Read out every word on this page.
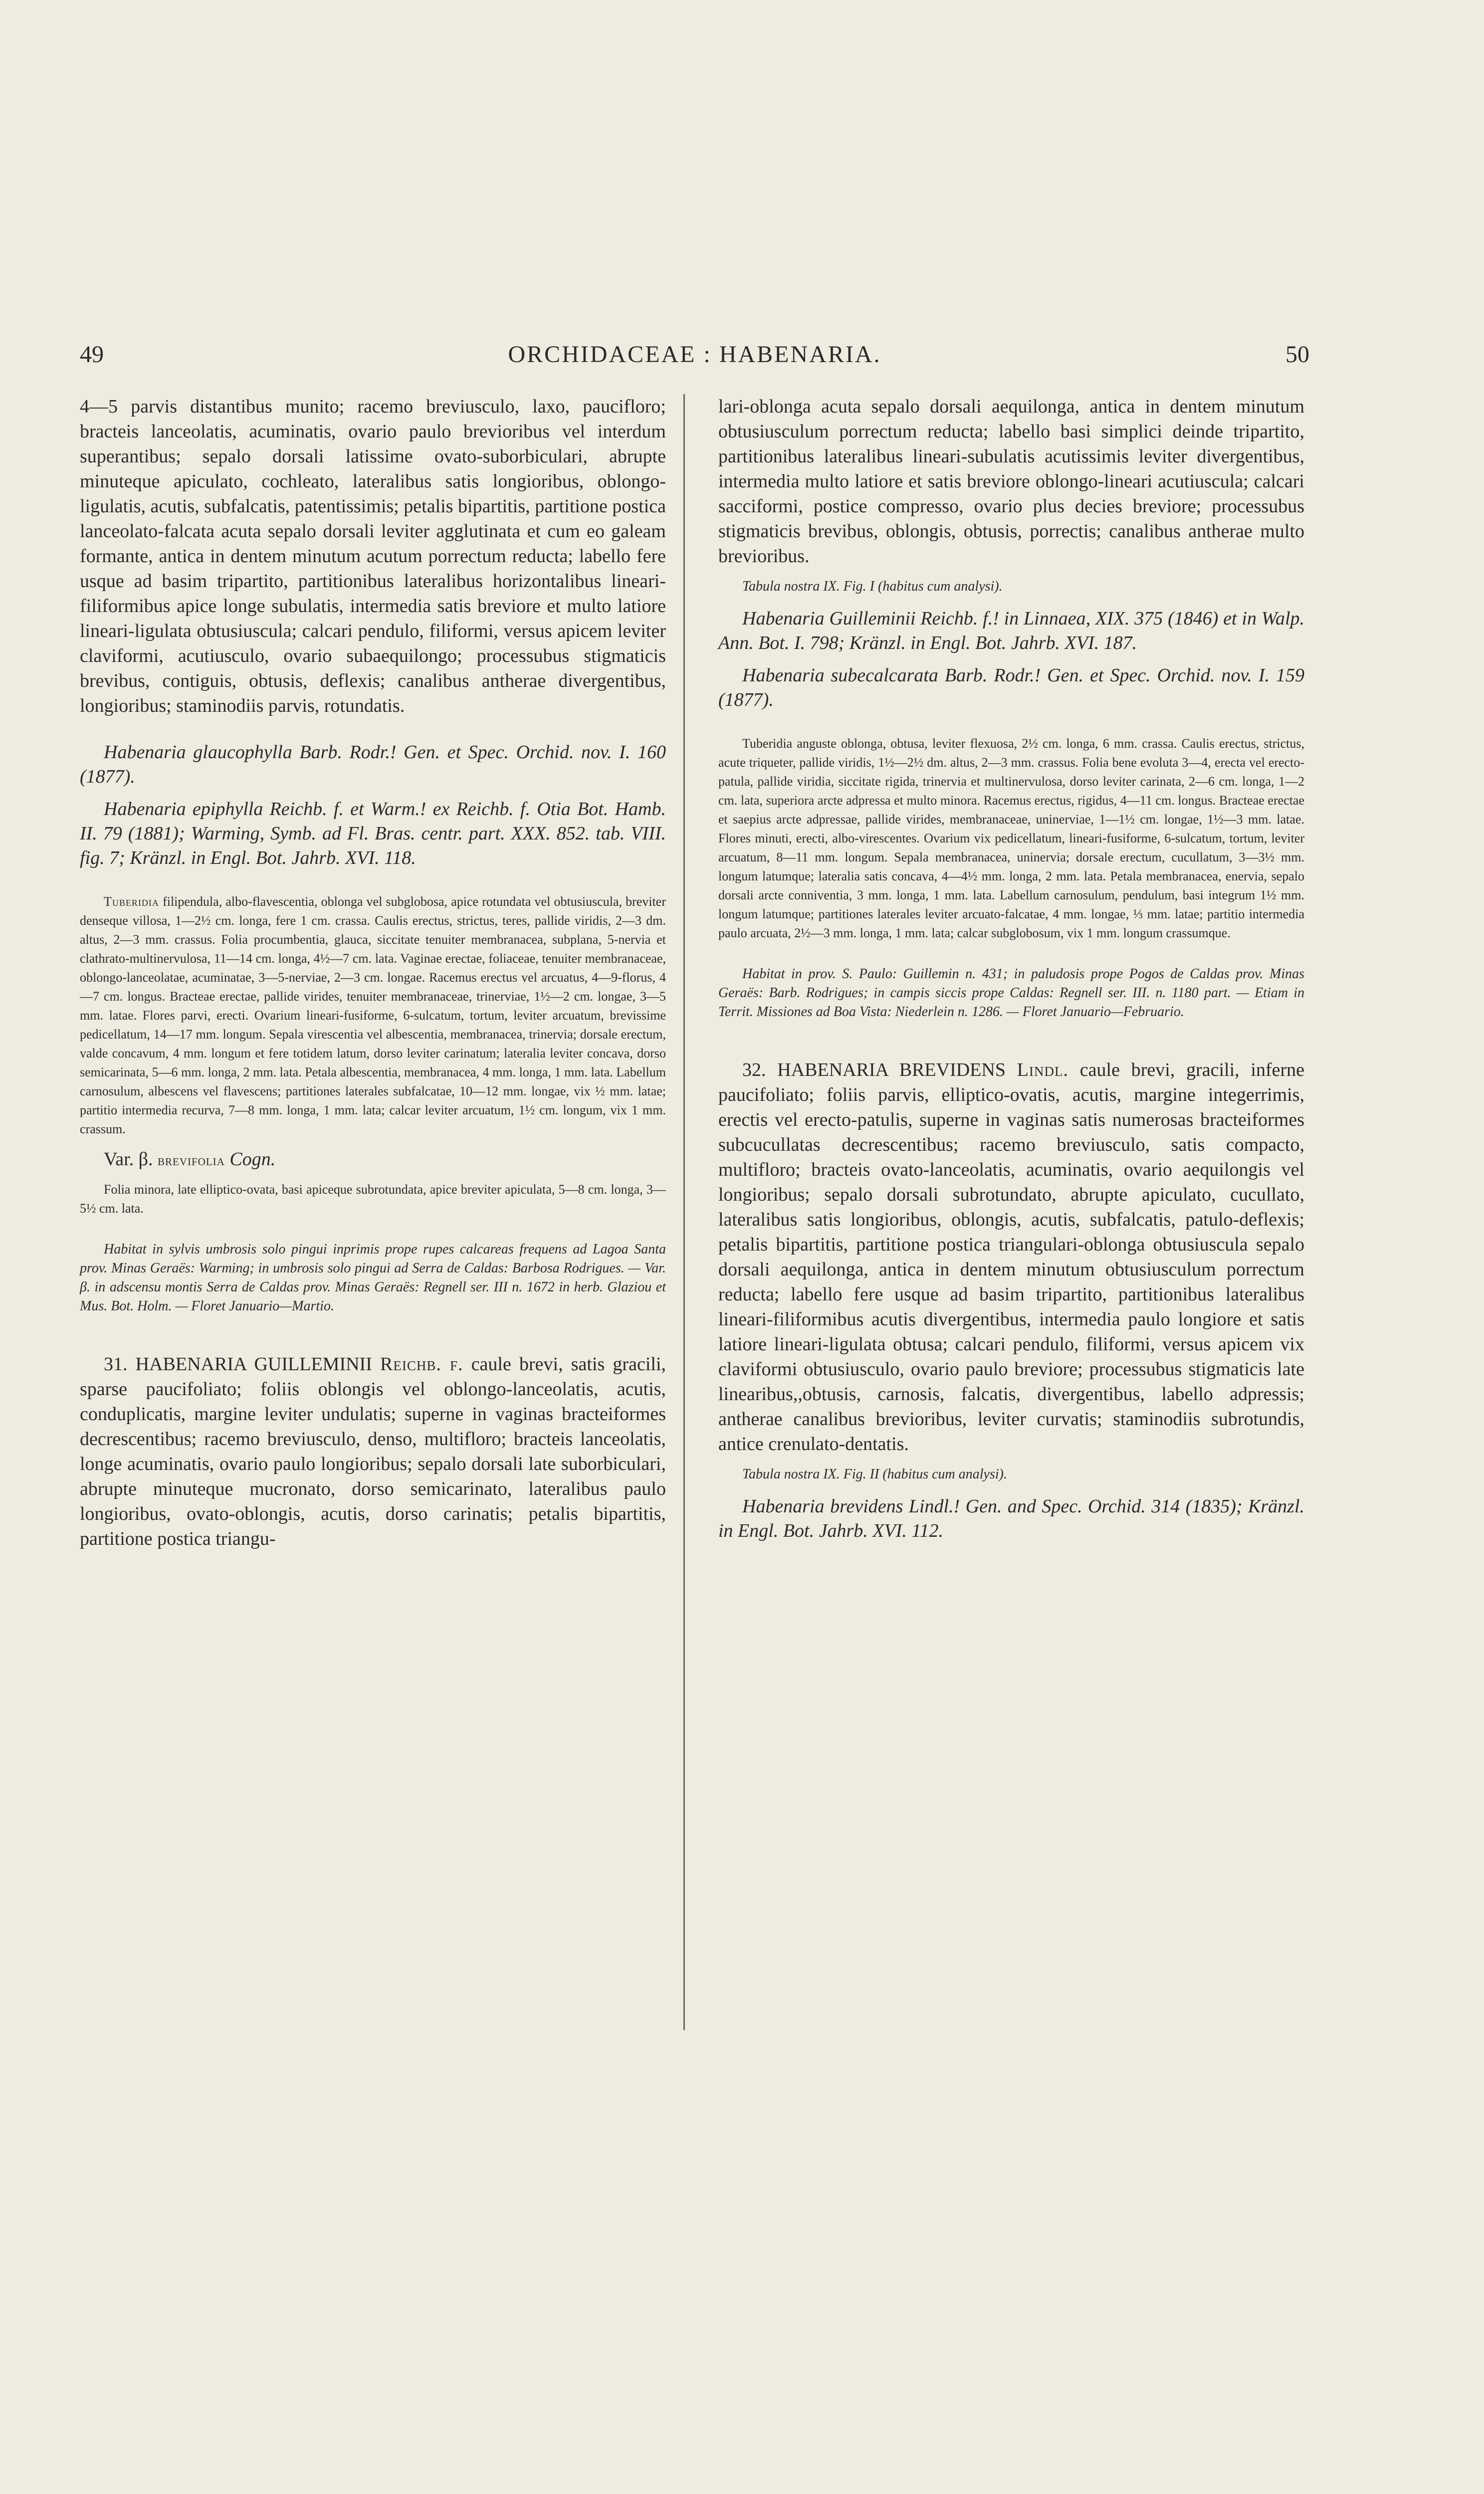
49	ORCHIDACEAE : HABENARIA.	50

4—5 parvis distantibus munito; racemo breviusculo, laxo, paucifloro; bracteis lanceolatis, acuminatis, ovario paulo brevioribus vel interdum superantibus; sepalo dorsali latissime ovato-suborbiculari, abrupte minuteque apiculato, cochleato, lateralibus satis longioribus, oblongo-ligulatis, acutis, subfalcatis, patentissimis; petalis bipartitis, partitione postica lanceolato-falcata acuta sepalo dorsali leviter agglutinata et cum eo galeam formante, antica in dentem minutum acutum porrectum reducta; labello fere usque ad basim tripartito, partitionibus lateralibus horizontalibus lineari-filiformibus apice longe subulatis, intermedia satis breviore et multo latiore lineari-ligulata obtusiuscula; calcari pendulo, filiformi, versus apicem leviter claviformi, acutiusculo, ovario subaequilongo; processubus stigmaticis brevibus, contiguis, obtusis, deflexis; canalibus antherae divergentibus, longioribus; staminodiis parvis, rotundatis.

Habenaria glaucophylla Barb. Rodr.! Gen. et Spec. Orchid. nov. I. 160 (1877).

Habenaria epiphylla Reichb. f. et Warm.! ex Reichb. f. Otia Bot. Hamb. II. 79 (1881); Warming, Symb. ad Fl. Bras. centr. part. XXX. 852. tab. VIII. fig. 7; Kränzl. in Engl. Bot. Jahrb. XVI. 118.

Tuberidia filipendula, albo-flavescentia, oblonga vel subglobosa, apice rotundata vel obtusiuscula, breviter denseque villosa, 1—2½ cm. longa, fere 1 cm. crassa. Caulis erectus, strictus, teres, pallide viridis, 2—3 dm. altus, 2—3 mm. crassus. Folia procumbentia, glauca, siccitate tenuiter membranacea, subplana, 5-nervia et clathrato-multinervulosa, 11—14 cm. longa, 4½—7 cm. lata. Vaginae erectae, foliaceae, tenuiter membranaceae, oblongo-lanceolatae, acuminatae, 3—5-nerviae, 2—3 cm. longae. Racemus erectus vel arcuatus, 4—9-florus, 4—7 cm. longus. Bracteae erectae, pallide virides, tenuiter membranaceae, trinerviae, 1½—2 cm. longae, 3—5 mm. latae. Flores parvi, erecti. Ovarium lineari-fusiforme, 6-sulcatum, tortum, leviter arcuatum, brevissime pedicellatum, 14—17 mm. longum. Sepala virescentia vel albescentia, membranacea, trinervia; dorsale erectum, valde concavum, 4 mm. longum et fere totidem latum, dorso leviter carinatum; lateralia leviter concava, dorso semicarinata, 5—6 mm. longa, 2 mm. lata. Petala albescentia, membranacea, 4 mm. longa, 1 mm. lata. Labellum carnosulum, albescens vel flavescens; partitiones laterales subfalcatae, 10—12 mm. longae, vix ½ mm. latae; partitio intermedia recurva, 7—8 mm. longa, 1 mm. lata; calcar leviter arcuatum, 1½ cm. longum, vix 1 mm. crassum.

Var. β. brevifolia Cogn.

Folia minora, late elliptico-ovata, basi apiceque subrotundata, apice breviter apiculata, 5—8 cm. longa, 3—5½ cm. lata.

Habitat in sylvis umbrosis solo pingui inprimis prope rupes calcareas frequens ad Lagoa Santa prov. Minas Geraës: Warming; in umbrosis solo pingui ad Serra de Caldas: Barbosa Rodrigues. — Var. β. in adscensu montis Serra de Caldas prov. Minas Geraës: Regnell ser. III n. 1672 in herb. Glaziou et Mus. Bot. Holm. — Floret Januario—Martio.

31. HABENARIA GUILLEMINII Reichb. f. caule brevi, satis gracili, sparse paucifoliato; foliis oblongis vel oblongo-lanceolatis, acutis, conduplicatis, margine leviter undulatis; superne in vaginas bracteiformes decrescentibus; racemo breviusculo, denso, multifloro; bracteis lanceolatis, longe acuminatis, ovario paulo longioribus; sepalo dorsali late suborbiculari, abrupte minuteque mucronato, dorso semicarinato, lateralibus paulo longioribus, ovato-oblongis, acutis, dorso carinatis; petalis bipartitis, partitione postica triangu-

lari-oblonga acuta sepalo dorsali aequilonga, antica in dentem minutum obtusiusculum porrectum reducta; labello basi simplici deinde tripartito, partitionibus lateralibus lineari-subulatis acutissimis leviter divergentibus, intermedia multo latiore et satis breviore oblongo-lineari acutiuscula; calcari sacciformi, postice compresso, ovario plus decies breviore; processubus stigmaticis brevibus, oblongis, obtusis, porrectis; canalibus antherae multo brevioribus.

Tabula nostra IX. Fig. I (habitus cum analysi).

Habenaria Guilleminii Reichb. f.! in Linnaea, XIX. 375 (1846) et in Walp. Ann. Bot. I. 798; Kränzl. in Engl. Bot. Jahrb. XVI. 187.

Habenaria subecalcarata Barb. Rodr.! Gen. et Spec. Orchid. nov. I. 159 (1877).

Tuberidia anguste oblonga, obtusa, leviter flexuosa, 2½ cm. longa, 6 mm. crassa. Caulis erectus, strictus, acute triqueter, pallide viridis, 1½—2½ dm. altus, 2—3 mm. crassus. Folia bene evoluta 3—4, erecta vel erecto-patula, pallide viridia, siccitate rigida, trinervia et multinervulosa, dorso leviter carinata, 2—6 cm. longa, 1—2 cm. lata, superiora arcte adpressa et multo minora. Racemus erectus, rigidus, 4—11 cm. longus. Bracteae erectae et saepius arcte adpressae, pallide virides, membranaceae, uninerviae, 1—1½ cm. longae, 1½—3 mm. latae. Flores minuti, erecti, albo-virescentes. Ovarium vix pedicellatum, lineari-fusiforme, 6-sulcatum, tortum, leviter arcuatum, 8—11 mm. longum. Sepala membranacea, uninervia; dorsale erectum, cucullatum, 3—3½ mm. longum latumque; lateralia satis concava, 4—4½ mm. longa, 2 mm. lata. Petala membranacea, enervia, sepalo dorsali arcte conniventia, 3 mm. longa, 1 mm. lata. Labellum carnosulum, pendulum, basi integrum 1½ mm. longum latumque; partitiones laterales leviter arcuato-falcatae, 4 mm. longae, ⅓ mm. latae; partitio intermedia paulo arcuata, 2½—3 mm. longa, 1 mm. lata; calcar subglobosum, vix 1 mm. longum crassumque.

Habitat in prov. S. Paulo: Guillemin n. 431; in paludosis prope Pogos de Caldas prov. Minas Geraës: Barb. Rodrigues; in campis siccis prope Caldas: Regnell ser. III. n. 1180 part. — Etiam in Territ. Missiones ad Boa Vista: Niederlein n. 1286. — Floret Januario—Februario.

32. HABENARIA BREVIDENS Lindl. caule brevi, gracili, inferne paucifoliato; foliis parvis, elliptico-ovatis, acutis, margine integerrimis, erectis vel erecto-patulis, superne in vaginas satis numerosas bracteiformes subcucullatas decrescentibus; racemo breviusculo, satis compacto, multifloro; bracteis ovato-lanceolatis, acuminatis, ovario aequilongis vel longioribus; sepalo dorsali subrotundato, abrupte apiculato, cucullato, lateralibus satis longioribus, oblongis, acutis, subfalcatis, patulo-deflexis; petalis bipartitis, partitione postica triangulari-oblonga obtusiuscula sepalo dorsali aequilonga, antica in dentem minutum obtusiusculum porrectum reducta; labello fere usque ad basim tripartito, partitionibus lateralibus lineari-filiformibus acutis divergentibus, intermedia paulo longiore et satis latiore lineari-ligulata obtusa; calcari pendulo, filiformi, versus apicem vix claviformi obtusiusculo, ovario paulo breviore; processubus stigmaticis late linearibus,,obtusis, carnosis, falcatis, divergentibus, labello adpressis; antherae canalibus brevioribus, leviter curvatis; staminodiis subrotundis, antice crenulato-dentatis.

Tabula nostra IX. Fig. II (habitus cum analysi).

Habenaria brevidens Lindl.! Gen. and Spec. Orchid. 314 (1835); Kränzl. in Engl. Bot. Jahrb. XVI. 112.
